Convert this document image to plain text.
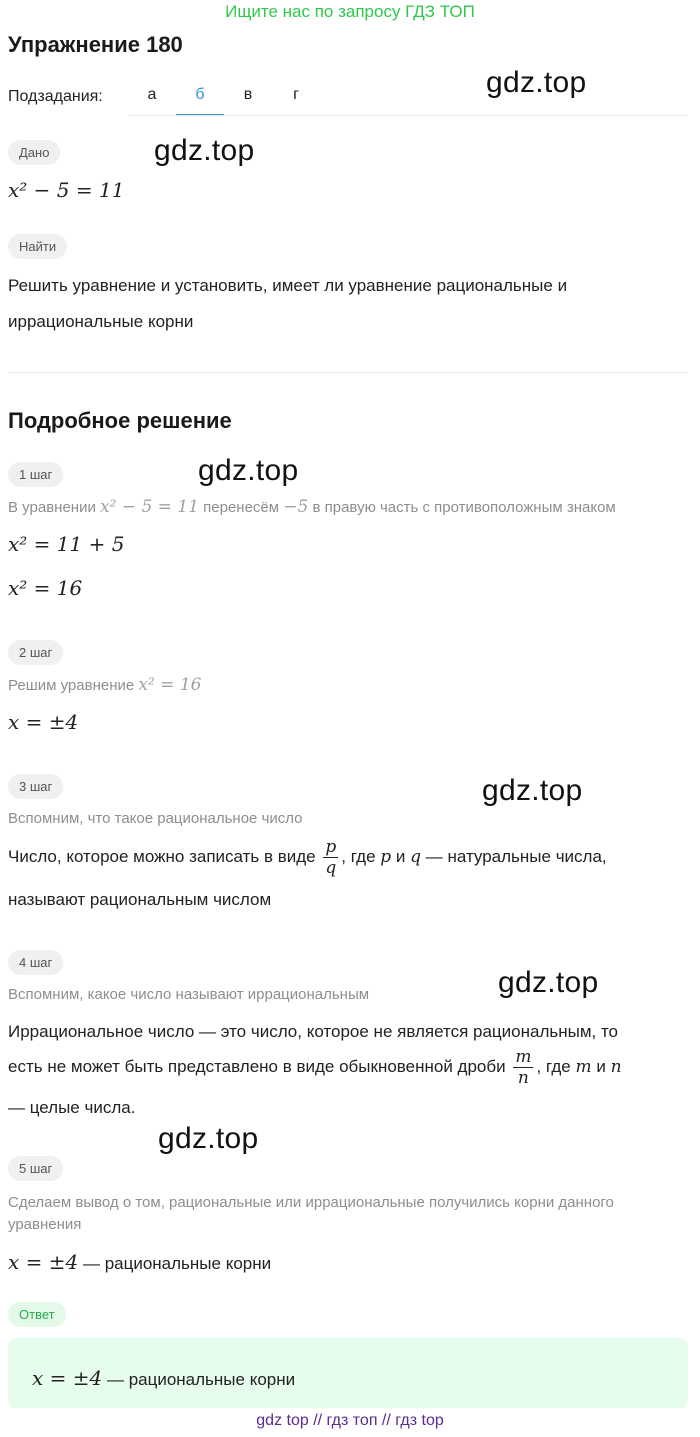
Ищите нас по запросу ГДЗ ТОП
Упражнение 180
Подзадания:	а	б	в	г	gdz.top
gdz.top
gdz.top
gdz.top
gdz.top
gdz.top
Дано
x² − 5 = 11
Найти
Решить уравнение и установить, имеет ли уравнение рациональные и иррациональные корни
Подробное решение
1 шаг
В уравнении x² − 5 = 11 перенесём −5 в правую часть с противоположным знаком
x² = 11 + 5
x² = 16
2 шаг
Решим уравнение x² = 16
x = ±4
3 шаг
Вспомним, что такое рациональное число
Число, которое можно записать в виде $\frac{p}{q}$ , где p и q — натуральные числа,
называют рациональным числом
4 шаг
Вспомним, какое число называют иррациональным
Иррациональное число — это число, которое не является рациональным, то
есть не может быть представлено в виде обыкновенной дроби $\frac{m}{n}$ , где m и n
— целые числа.
5 шаг
Сделаем вывод о том, рациональные или иррациональные получились корни данного уравнения
x = ±4 — рациональные корни
Ответ
x = ±4 — рациональные корни
gdz top // гдз топ // гдз top
